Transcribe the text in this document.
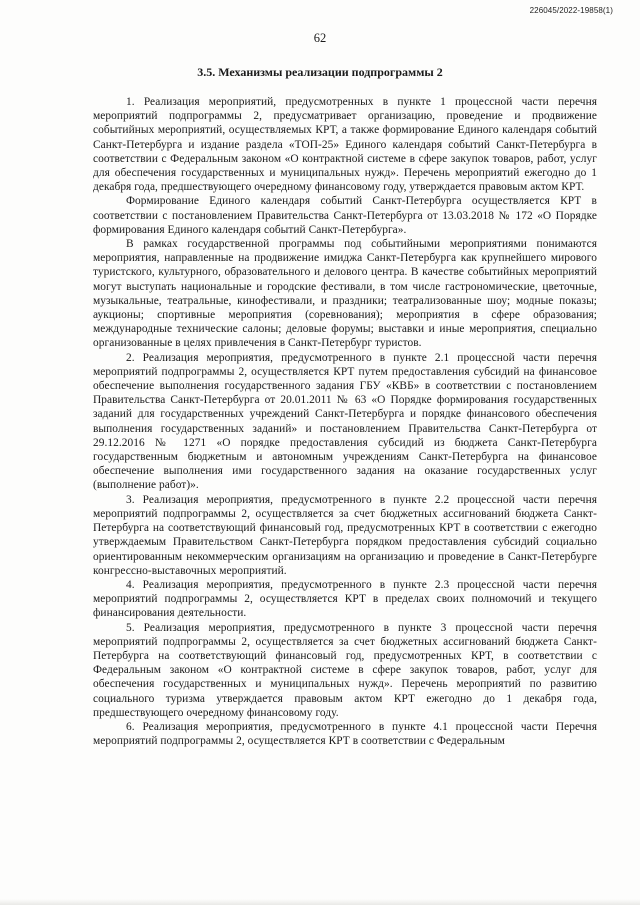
226045/2022-19858(1)
62
3.5. Механизмы реализации подпрограммы 2

1. Реализация мероприятий, предусмотренных в пункте 1 процессной части перечня мероприятий подпрограммы 2, предусматривает организацию, проведение и продвижение событийных мероприятий, осуществляемых КРТ, а также формирование Единого календаря событий Санкт-Петербурга и издание раздела «ТОП-25» Единого календаря событий Санкт-Петербурга в соответствии с Федеральным законом «О контрактной системе в сфере закупок товаров, работ, услуг для обеспечения государственных и муниципальных нужд». Перечень мероприятий ежегодно до 1 декабря года, предшествующего очередному финансовому году, утверждается правовым актом КРТ.

Формирование Единого календаря событий Санкт-Петербурга осуществляется КРТ в соответствии с постановлением Правительства Санкт-Петербурга от 13.03.2018 № 172 «О Порядке формирования Единого календаря событий Санкт-Петербурга».

В рамках государственной программы под событийными мероприятиями понимаются мероприятия, направленные на продвижение имиджа Санкт-Петербурга как крупнейшего мирового туристского, культурного, образовательного и делового центра. В качестве событийных мероприятий могут выступать национальные и городские фестивали, в том числе гастрономические, цветочные, музыкальные, театральные, кинофестивали, и праздники; театрализованные шоу; модные показы; аукционы; спортивные мероприятия (соревнования); мероприятия в сфере образования; международные технические салоны; деловые форумы; выставки и иные мероприятия, специально организованные в целях привлечения в Санкт-Петербург туристов.

2. Реализация мероприятия, предусмотренного в пункте 2.1 процессной части перечня мероприятий подпрограммы 2, осуществляется КРТ путем предоставления субсидий на финансовое обеспечение выполнения государственного задания ГБУ «КВБ» в соответствии с постановлением Правительства Санкт-Петербурга от 20.01.2011 № 63 «О Порядке формирования государственных заданий для государственных учреждений Санкт-Петербурга и порядке финансового обеспечения выполнения государственных заданий» и постановлением Правительства Санкт-Петербурга от 29.12.2016 № 1271 «О порядке предоставления субсидий из бюджета Санкт-Петербурга государственным бюджетным и автономным учреждениям Санкт-Петербурга на финансовое обеспечение выполнения ими государственного задания на оказание государственных услуг (выполнение работ)».

3. Реализация мероприятия, предусмотренного в пункте 2.2 процессной части перечня мероприятий подпрограммы 2, осуществляется за счет бюджетных ассигнований бюджета Санкт-Петербурга на соответствующий финансовый год, предусмотренных КРТ в соответствии с ежегодно утверждаемым Правительством Санкт-Петербурга порядком предоставления субсидий социально ориентированным некоммерческим организациям на организацию и проведение в Санкт-Петербурге конгрессно-выставочных мероприятий.

4. Реализация мероприятия, предусмотренного в пункте 2.3 процессной части перечня мероприятий подпрограммы 2, осуществляется КРТ в пределах своих полномочий и текущего финансирования деятельности.

5. Реализация мероприятия, предусмотренного в пункте 3 процессной части перечня мероприятий подпрограммы 2, осуществляется за счет бюджетных ассигнований бюджета Санкт-Петербурга на соответствующий финансовый год, предусмотренных КРТ, в соответствии с Федеральным законом «О контрактной системе в сфере закупок товаров, работ, услуг для обеспечения государственных и муниципальных нужд». Перечень мероприятий по развитию социального туризма утверждается правовым актом КРТ ежегодно до 1 декабря года, предшествующего очередному финансовому году.

6. Реализация мероприятия, предусмотренного в пункте 4.1 процессной части Перечня мероприятий подпрограммы 2, осуществляется КРТ в соответствии с Федеральным
